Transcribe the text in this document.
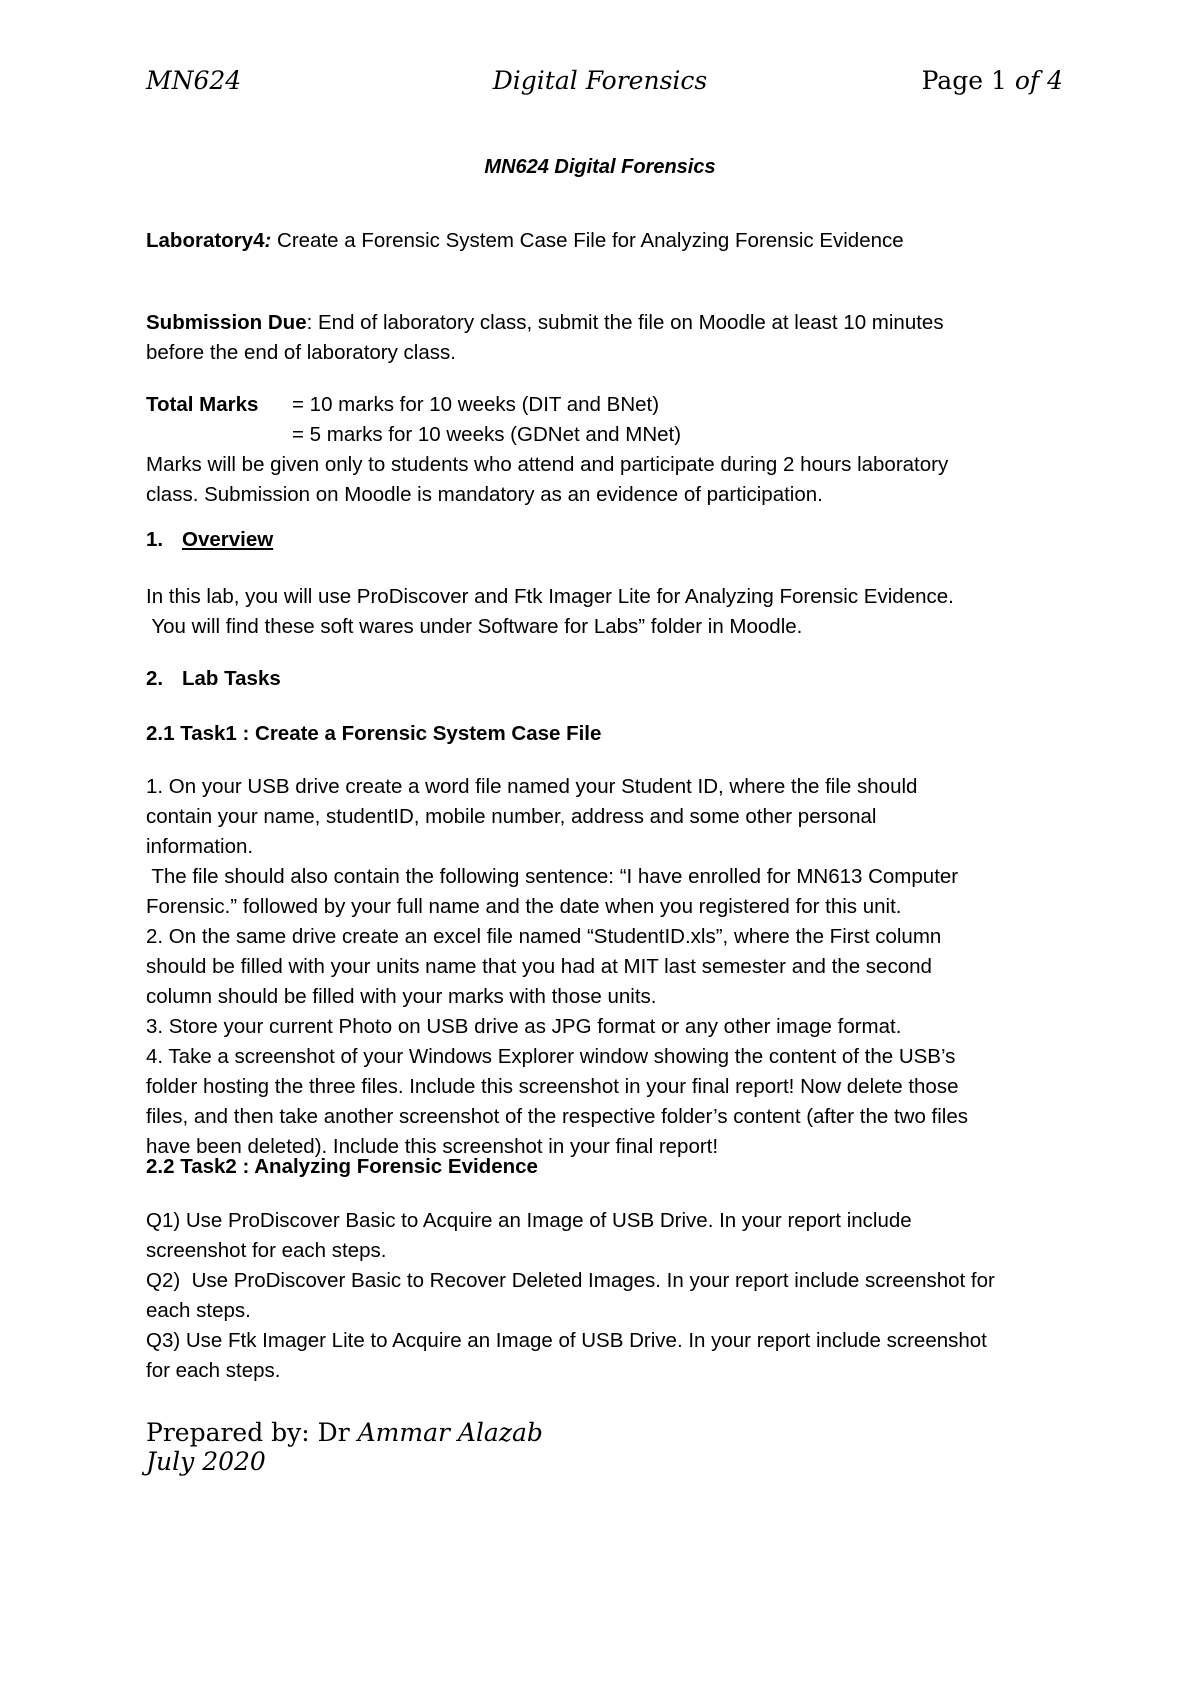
MN624	Digital Forensics	Page 1 of 4
MN624 Digital Forensics
Laboratory4: Create a Forensic System Case File for Analyzing Forensic Evidence
Submission Due: End of laboratory class, submit the file on Moodle at least 10 minutes
before the end of laboratory class.
Total Marks = 10 marks for 10 weeks (DIT and BNet)
= 5 marks for 10 weeks (GDNet and MNet)
Marks will be given only to students who attend and participate during 2 hours laboratory
class. Submission on Moodle is mandatory as an evidence of participation.
1. Overview
In this lab, you will use ProDiscover and Ftk Imager Lite for Analyzing Forensic Evidence.
You will find these soft wares under Software for Labs” folder in Moodle.
2. Lab Tasks
2.1 Task1 : Create a Forensic System Case File
1. On your USB drive create a word file named your Student ID, where the file should
contain your name, studentID, mobile number, address and some other personal
information.
The file should also contain the following sentence: “I have enrolled for MN613 Computer
Forensic.” followed by your full name and the date when you registered for this unit.
2. On the same drive create an excel file named “StudentID.xls”, where the First column
should be filled with your units name that you had at MIT last semester and the second
column should be filled with your marks with those units.
3. Store your current Photo on USB drive as JPG format or any other image format.
4. Take a screenshot of your Windows Explorer window showing the content of the USB’s
folder hosting the three files. Include this screenshot in your final report! Now delete those
files, and then take another screenshot of the respective folder’s content (after the two files
have been deleted). Include this screenshot in your final report!
2.2 Task2 : Analyzing Forensic Evidence
Q1) Use ProDiscover Basic to Acquire an Image of USB Drive. In your report include
screenshot for each steps.
Q2)  Use ProDiscover Basic to Recover Deleted Images. In your report include screenshot for
each steps.
Q3) Use Ftk Imager Lite to Acquire an Image of USB Drive. In your report include screenshot
for each steps.
Prepared by: Dr Ammar Alazab
July 2020
